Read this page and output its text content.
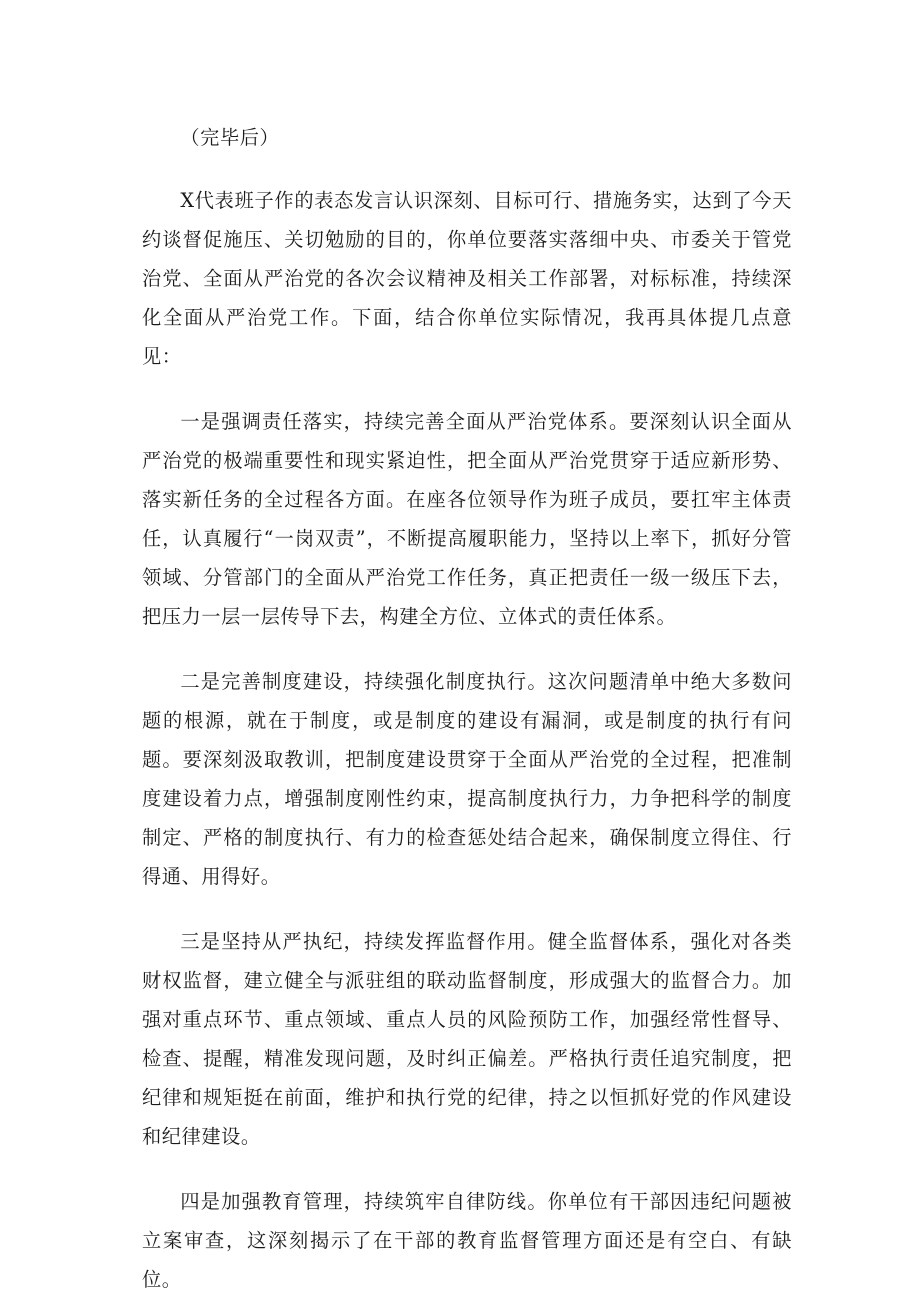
（完毕后）

X代表班子作的表态发言认识深刻、目标可行、措施务实，达到了今天约谈督促施压、关切勉励的目的，你单位要落实落细中央、市委关于管党治党、全面从严治党的各次会议精神及相关工作部署，对标标准，持续深化全面从严治党工作。下面，结合你单位实际情况，我再具体提几点意见：

一是强调责任落实，持续完善全面从严治党体系。要深刻认识全面从严治党的极端重要性和现实紧迫性，把全面从严治党贯穿于适应新形势、落实新任务的全过程各方面。在座各位领导作为班子成员，要扛牢主体责任，认真履行“一岗双责”，不断提高履职能力，坚持以上率下，抓好分管领域、分管部门的全面从严治党工作任务，真正把责任一级一级压下去，把压力一层一层传导下去，构建全方位、立体式的责任体系。

二是完善制度建设，持续强化制度执行。这次问题清单中绝大多数问题的根源，就在于制度，或是制度的建设有漏洞，或是制度的执行有问题。要深刻汲取教训，把制度建设贯穿于全面从严治党的全过程，把准制度建设着力点，增强制度刚性约束，提高制度执行力，力争把科学的制度制定、严格的制度执行、有力的检查惩处结合起来，确保制度立得住、行得通、用得好。

三是坚持从严执纪，持续发挥监督作用。健全监督体系，强化对各类财权监督，建立健全与派驻组的联动监督制度，形成强大的监督合力。加强对重点环节、重点领域、重点人员的风险预防工作，加强经常性督导、检查、提醒，精准发现问题，及时纠正偏差。严格执行责任追究制度，把纪律和规矩挺在前面，维护和执行党的纪律，持之以恒抓好党的作风建设和纪律建设。

四是加强教育管理，持续筑牢自律防线。你单位有干部因违纪问题被立案审查，这深刻揭示了在干部的教育监督管理方面还是有空白、有缺位。
